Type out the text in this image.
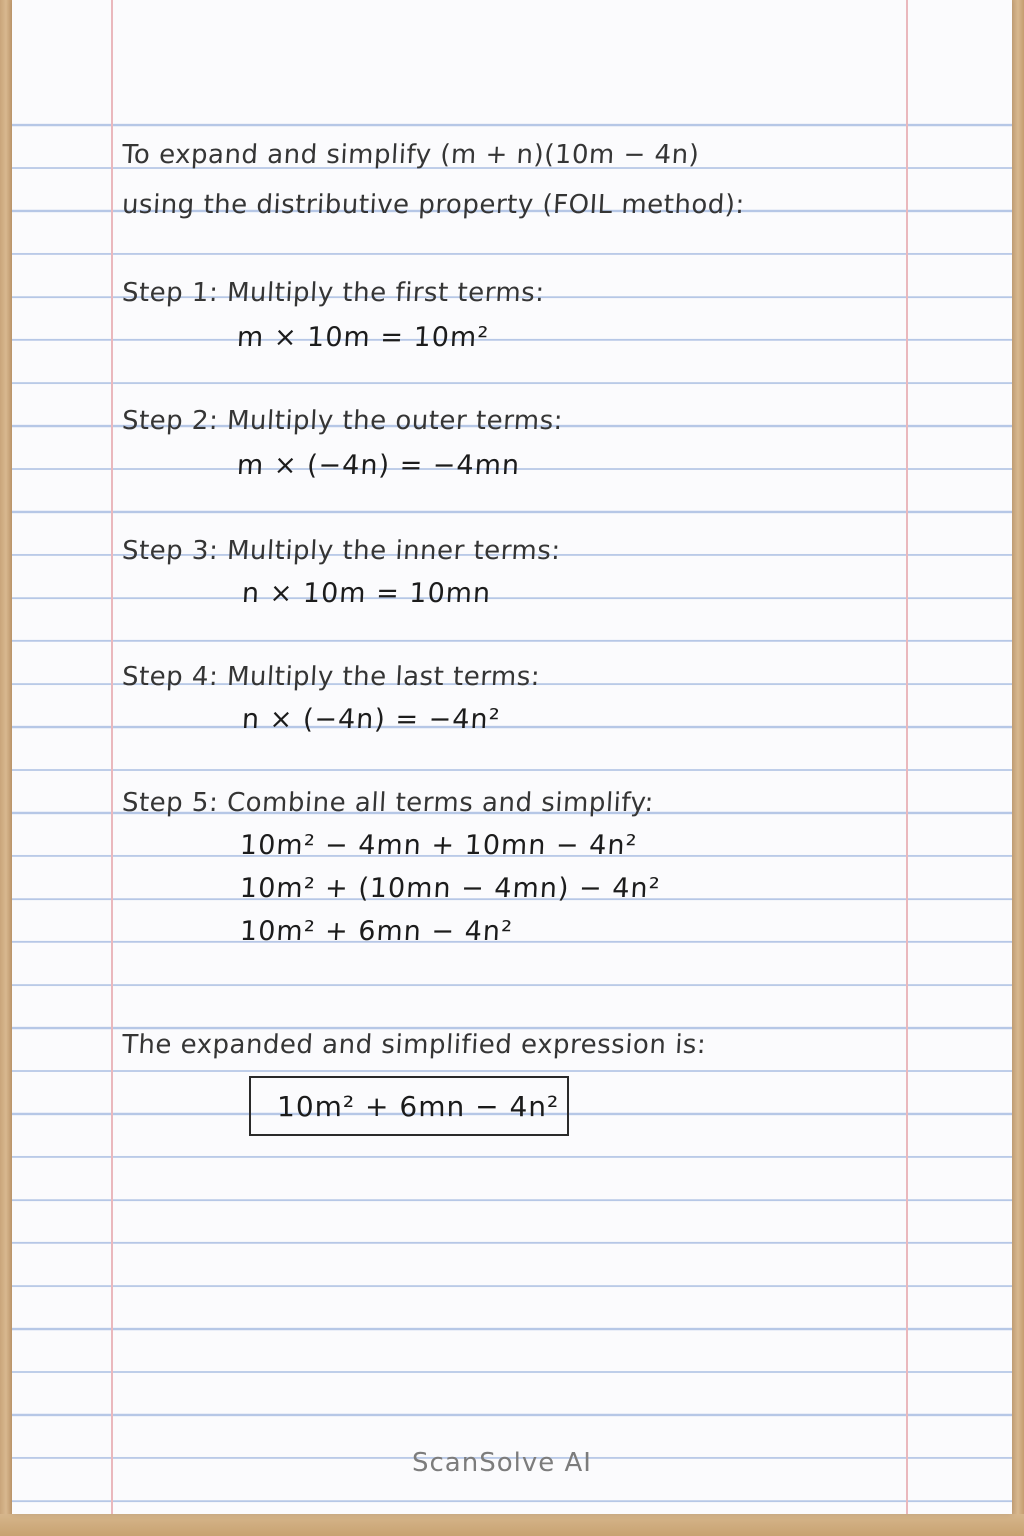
To expand and simplify (m + n)(10m − 4n)
using the distributive property (FOIL method):
Step 1: Multiply the first terms:
m × 10m = 10m²
Step 2: Multiply the outer terms:
m × (−4n) = −4mn
Step 3: Multiply the inner terms:
n × 10m = 10mn
Step 4: Multiply the last terms:
n × (−4n) = −4n²
Step 5: Combine all terms and simplify:
10m² − 4mn + 10mn − 4n²
10m² + (10mn − 4mn) − 4n²
10m² + 6mn − 4n²
The expanded and simplified expression is:
10m² + 6mn − 4n²
ScanSolve AI
